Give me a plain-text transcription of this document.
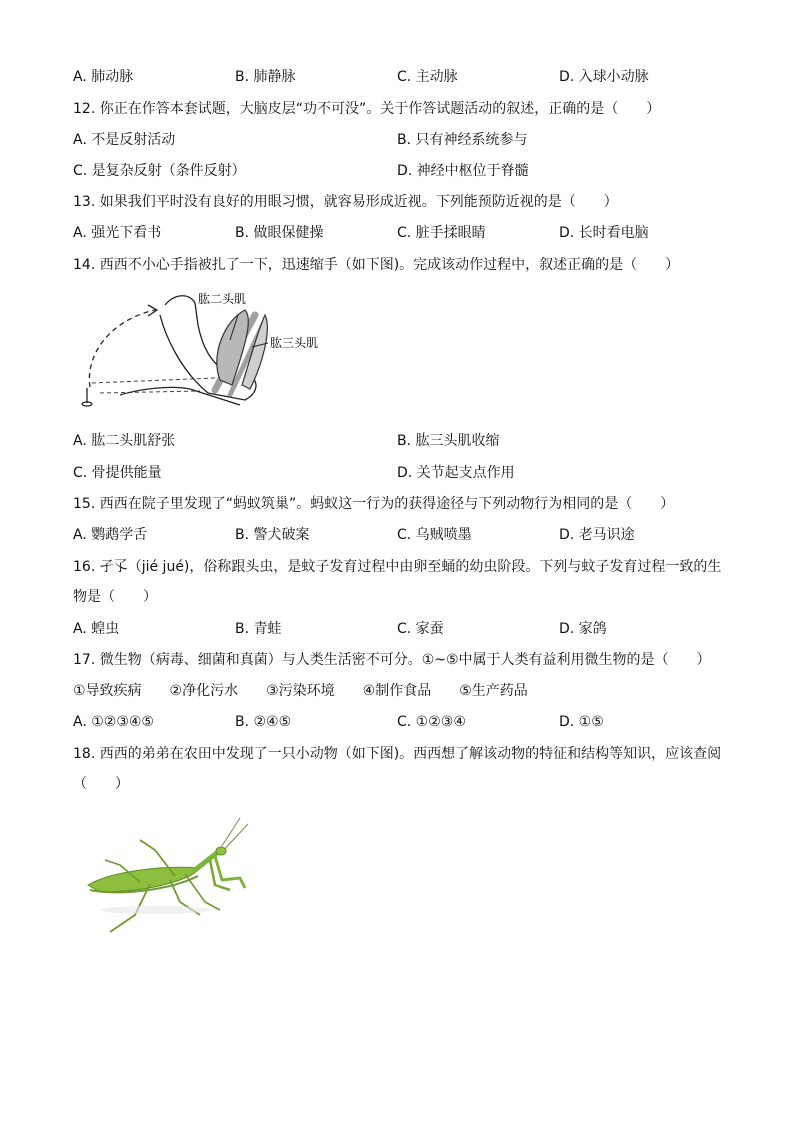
A. 肺动脉	B. 肺静脉	C. 主动脉	D. 入球小动脉
12. 你正在作答本套试题，大脑皮层“功不可没”。关于作答试题活动的叙述，正确的是（　　）
A. 不是反射活动	B. 只有神经系统参与
C. 是复杂反射（条件反射）	D. 神经中枢位于脊髓
13. 如果我们平时没有良好的用眼习惯，就容易形成近视。下列能预防近视的是（　　）
A. 强光下看书	B. 做眼保健操	C. 脏手揉眼睛	D. 长时看电脑
14. 西西不小心手指被扎了一下，迅速缩手（如下图)。完成该动作过程中，叙述正确的是（　　）
肱二头肌
肱三头肌
A. 肱二头肌舒张	B. 肱三头肌收缩
C. 骨提供能量	D. 关节起支点作用
15. 西西在院子里发现了“蚂蚁筑巢”。蚂蚁这一行为的获得途径与下列动物行为相同的是（　　）
A. 鹦鹉学舌	B. 警犬破案	C. 乌贼喷墨	D. 老马识途
16. 孑孓（jié jué)，俗称跟头虫，是蚊子发育过程中由卵至蛹的幼虫阶段。下列与蚊子发育过程一致的生
物是（　　）
A. 蝗虫	B. 青蛙	C. 家蚕	D. 家鸽
17. 微生物（病毒、细菌和真菌）与人类生活密不可分。①~⑤中属于人类有益利用微生物的是（　　）
①导致疾病　　②净化污水　　③污染环境　　④制作食品　　⑤生产药品
A. ①②③④⑤	B. ②④⑤	C. ①②③④	D. ①⑤
18. 西西的弟弟在农田中发现了一只小动物（如下图)。西西想了解该动物的特征和结构等知识，应该查阅
（　　）
